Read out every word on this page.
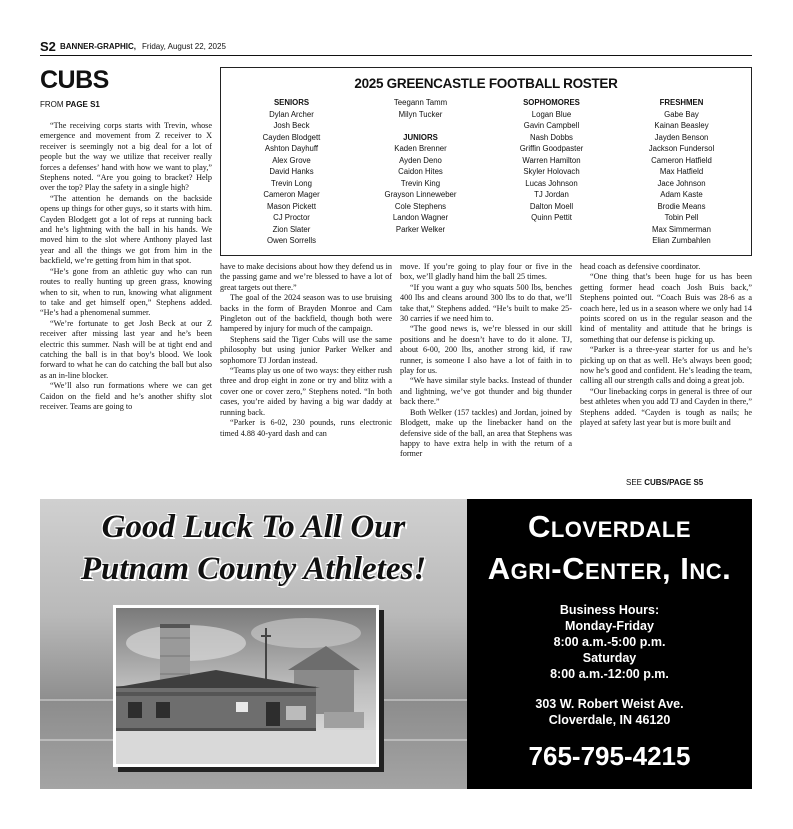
S2 BANNER-GRAPHIC, Friday, August 22, 2025
CUBS
FROM PAGE S1

“The receiving corps starts with Trevin, whose emergence and movement from Z receiver to X receiver is seemingly not a big deal for a lot of people but the way we utilize that receiver really forces a defenses’ hand with how we want to play,” Stephens noted. “Are you going to bracket? Help over the top? Play the safety in a single high?

“The attention he demands on the backside opens up things for other guys, so it starts with him. Cayden Blodgett got a lot of reps at running back and he’s lightning with the ball in his hands. We moved him to the slot where Anthony played last year and all the things we got from him in the backfield, we’re getting from him in that spot.

“He’s gone from an athletic guy who can run routes to really hunting up green grass, knowing when to sit, when to run, knowing what alignment to take and get himself open,” Stephens added. “He’s had a phenomenal summer.

“We’re fortunate to get Josh Beck at our Z receiver after missing last year and he’s been electric this summer. Nash will be at tight end and catching the ball is in that boy’s blood. We look forward to what he can do catching the ball but also as an in-line blocker.

“We’ll also run formations where we can get Caidon on the field and he’s another shifty slot receiver. Teams are going to

have to make decisions about how they defend us in the passing game and we’re blessed to have a lot of great targets out there.”

The goal of the 2024 season was to use bruising backs in the form of Brayden Monroe and Cam Pingleton out of the backfield, though both were hampered by injury for much of the campaign.

Stephens said the Tiger Cubs will use the same philosophy but using junior Parker Welker and sophomore TJ Jordan instead.

“Teams play us one of two ways: they either rush three and drop eight in zone or try and blitz with a cover one or cover zero,” Stephens noted. “In both cases, you’re aided by having a big war daddy at running back.

“Parker is 6-02, 230 pounds, runs electronic timed 4.88 40-yard dash and can

move. If you’re going to play four or five in the box, we’ll gladly hand him the ball 25 times.

“If you want a guy who squats 500 lbs, benches 400 lbs and cleans around 300 lbs to do that, we’ll take that,” Stephens added. “He’s built to make 25-30 carries if we need him to.

“The good news is, we’re blessed in our skill positions and he doesn’t have to do it alone. TJ, about 6-00, 200 lbs, another strong kid, if raw runner, is someone I also have a lot of faith in to play for us.

“We have similar style backs. Instead of thunder and lightning, we’ve got thunder and big thunder back there.”

Both Welker (157 tackles) and Jordan, joined by Blodgett, make up the linebacker hand on the defensive side of the ball, an area that Stephens was happy to have extra help in with the return of a former

head coach as defensive coordinator.

“One thing that’s been huge for us has been getting former head coach Josh Buis back,” Stephens pointed out. “Coach Buis was 28-6 as a coach here, led us in a season where we only had 14 points scored on us in the regular season and the kind of mentality and attitude that he brings is something that our defense is picking up.

“Parker is a three-year starter for us and he’s picking up on that as well. He’s always been good; now he’s good and confident. He’s leading the team, calling all our strength calls and doing a great job.

“Our linebacking corps in general is three of our best athletes when you add TJ and Cayden in there,” Stephens added. “Cayden is tough as nails; he played at safety last year but is more built and

SEE CUBS/PAGE S5
2025 GREENCASTLE FOOTBALL ROSTER
SENIORS
Dylan Archer
Josh Beck
Cayden Blodgett
Ashton Dayhuff
Alex Grove
David Hanks
Trevin Long
Cameron Mager
Mason Pickett
CJ Proctor
Zion Slater
Owen Sorrells
Teegann Tamm
Milyn Tucker
JUNIORS
Kaden Brenner
Ayden Deno
Caidon Hites
Trevin King
Grayson Linneweber
Cole Stephens
Landon Wagner
Parker Welker
SOPHOMORES
Logan Blue
Gavin Campbell
Nash Dobbs
Griffin Goodpaster
Warren Hamilton
Skyler Holovach
Lucas Johnson
TJ Jordan
Dalton Moell
Quinn Pettit
FRESHMEN
Gabe Bay
Kainan Beasley
Jayden Benson
Jackson Fundersol
Cameron Hatfield
Max Hatfield
Jace Johnson
Adam Kaste
Brodie Means
Tobin Pell
Max Simmerman
Elian Zumbahlen
Good Luck To All Our
Putnam County Athletes!
Cloverdale
Agri-Center, Inc.
Business Hours:
Monday-Friday
8:00 a.m.-5:00 p.m.
Saturday
8:00 a.m.-12:00 p.m.
303 W. Robert Weist Ave.
Cloverdale, IN 46120
765-795-4215
